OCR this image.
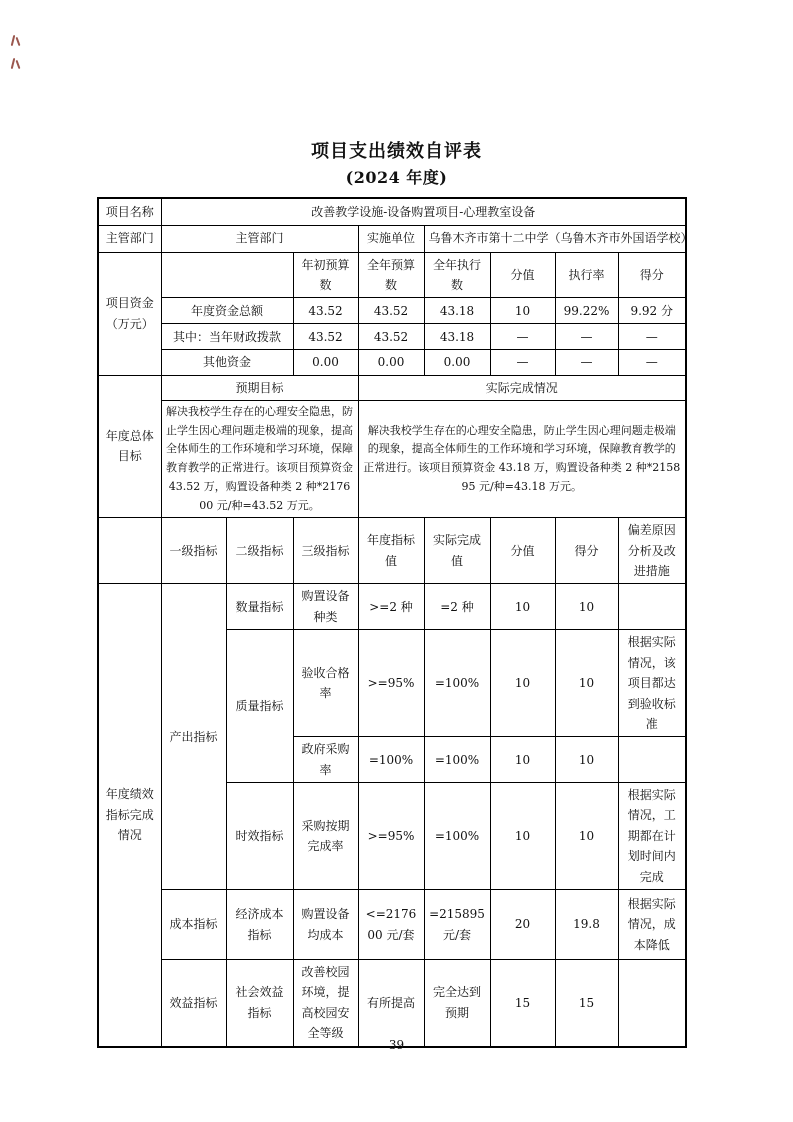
项目支出绩效自评表
(2024 年度)
项目名称	改善教学设施-设备购置项目-心理教室设备							
主管部门	主管部门			实施单位	乌鲁木齐市第十二中学（乌鲁木齐市外国语学校）			
项目资金（万元）			年初预算数	全年预算数	全年执行数	分值	执行率	得分
	年度资金总额		43.52	43.52	43.18	10	99.22%	9.92 分
	其中：当年财政拨款		43.52	43.52	43.18	—	—	—
	其他资金		0.00	0.00	0.00	—	—	—
年度总体目标	预期目标			实际完成情况				
	解决我校学生存在的心理安全隐患，防止学生因心理问题走极端的现象，提高全体师生的工作环境和学习环境，保障教育教学的正常进行。该项目预算资金 43.52 万，购置设备种类 2 种*217600 元/种=43.52 万元。			解决我校学生存在的心理安全隐患，防止学生因心理问题走极端的现象，提高全体师生的工作环境和学习环境，保障教育教学的正常进行。该项目预算资金 43.18 万，购置设备种类 2 种*215895 元/种=43.18 万元。				
	一级指标	二级指标	三级指标	年度指标值	实际完成值	分值	得分	偏差原因分析及改进措施
年度绩效指标完成情况	产出指标	数量指标	购置设备种类	>=2 种	=2 种	10	10	
		质量指标	验收合格率	>=95%	=100%	10	10	根据实际情况，该项目都达到验收标准
			政府采购率	=100%	=100%	10	10	
		时效指标	采购按期完成率	>=95%	=100%	10	10	根据实际情况，工期都在计划时间内完成
	成本指标	经济成本指标	购置设备均成本	<=217600 元/套	=215895 元/套	20	19.8	根据实际情况，成本降低
	效益指标	社会效益指标	改善校园环境，提高校园安全等级	有所提高	完全达到预期	15	15	
39
